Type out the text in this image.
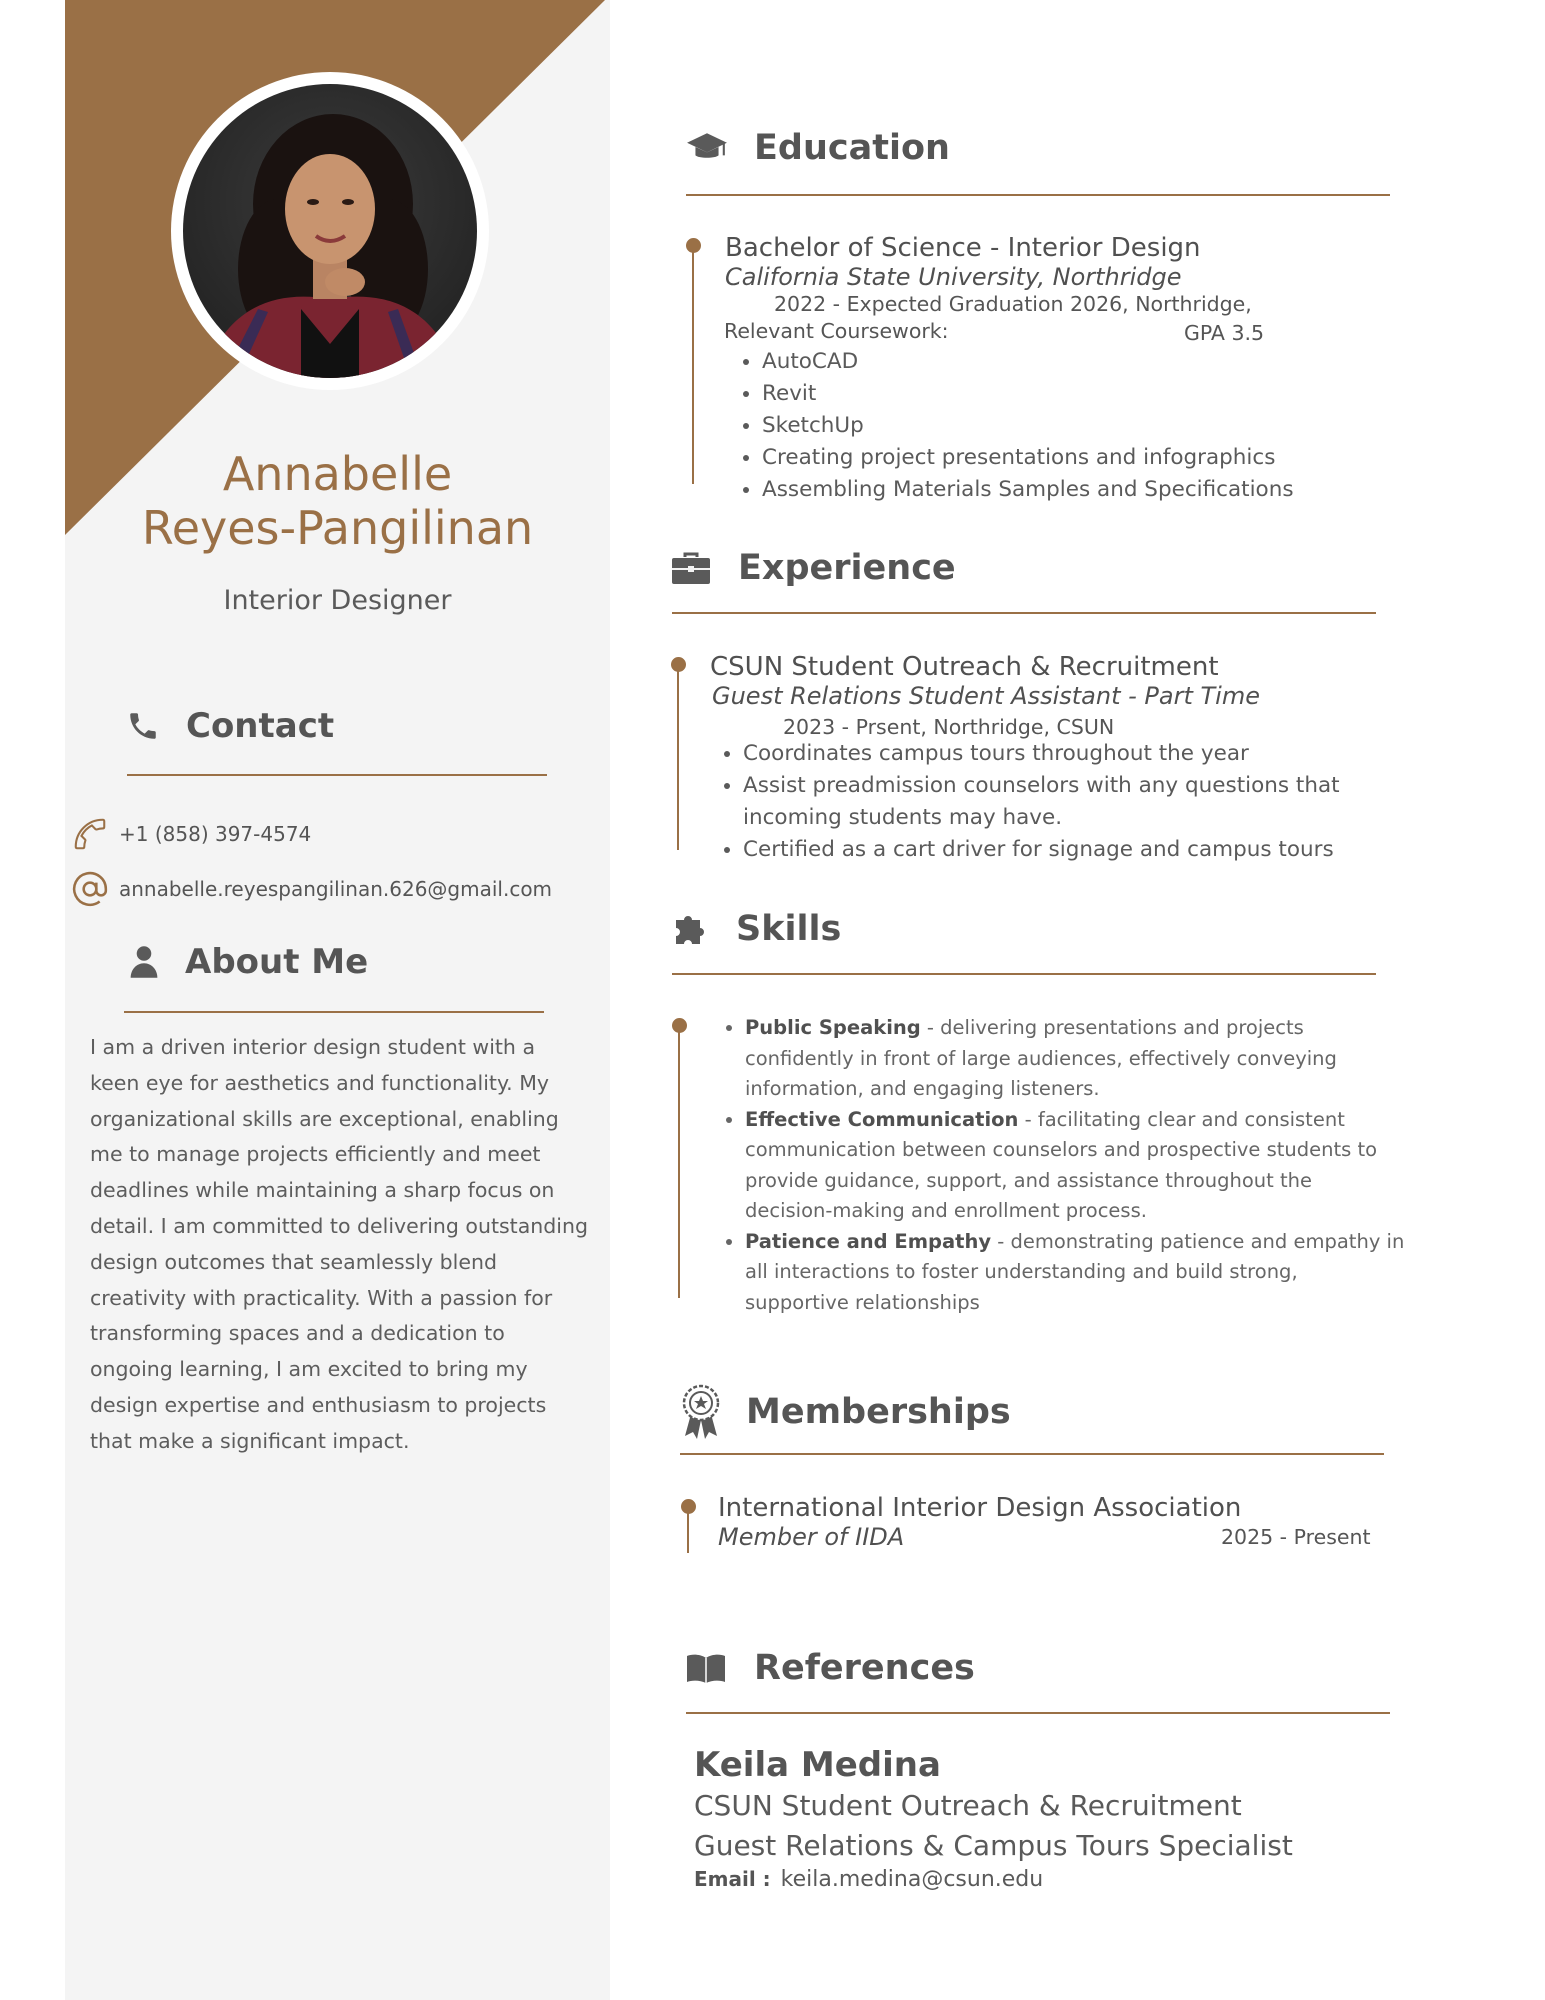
Annabelle
Reyes-Pangilinan
Interior Designer
Contact
+1 (858) 397-4574
annabelle.reyespangilinan.626@gmail.com
About Me

I am a driven interior design student with a keen eye for aesthetics and functionality. My organizational skills are exceptional, enabling me to manage projects efficiently and meet deadlines while maintaining a sharp focus on detail. I am committed to delivering outstanding design outcomes that seamlessly blend creativity with practicality. With a passion for transforming spaces and a dedication to ongoing learning, I am excited to bring my design expertise and enthusiasm to projects that make a significant impact.

Education
Bachelor of Science - Interior Design
California State University, Northridge
2022 - Expected Graduation 2026, Northridge,
Relevant Coursework:	GPA 3.5
• AutoCAD
• Revit
• SketchUp
• Creating project presentations and infographics
• Assembling Materials Samples and Specifications
Experience
CSUN Student Outreach & Recruitment
Guest Relations Student Assistant - Part Time
2023 - Prsent, Northridge, CSUN
• Coordinates campus tours throughout the year
• Assist preadmission counselors with any questions that incoming students may have.
• Certified as a cart driver for signage and campus tours
Skills
• Public Speaking - delivering presentations and projects confidently in front of large audiences, effectively conveying information, and engaging listeners.
• Effective Communication - facilitating clear and consistent communication between counselors and prospective students to provide guidance, support, and assistance throughout the decision-making and enrollment process.
• Patience and Empathy - demonstrating patience and empathy in all interactions to foster understanding and build strong, supportive relationships
Memberships
International Interior Design Association
Member of IIDA	2025 - Present
References
Keila Medina
CSUN Student Outreach & Recruitment
Guest Relations & Campus Tours Specialist
Email : keila.medina@csun.edu
